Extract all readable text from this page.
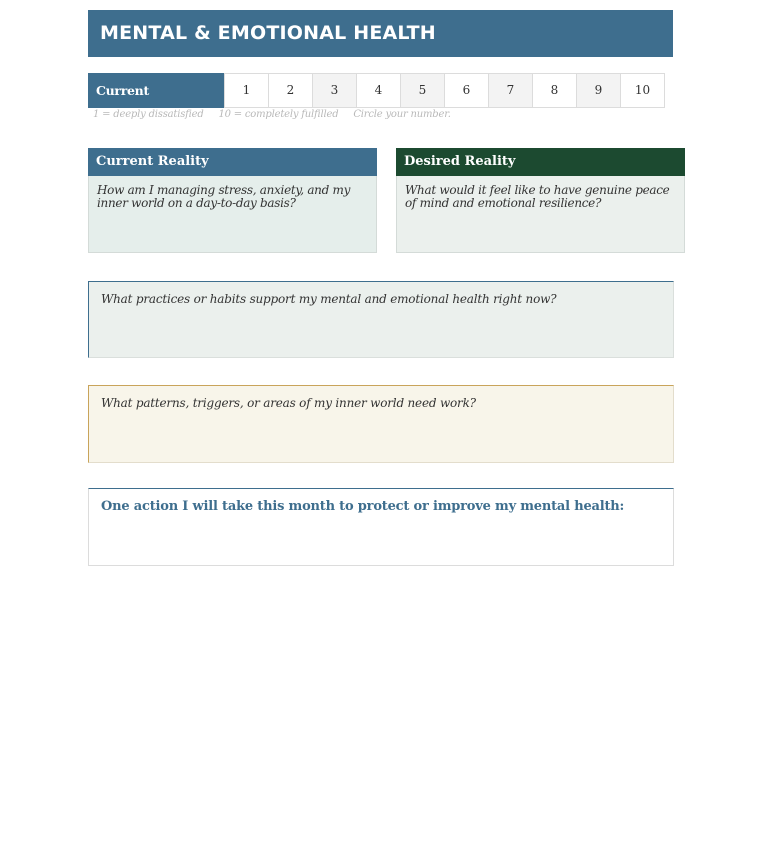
MENTAL & EMOTIONAL HEALTH
Current satisfaction
1	2	3	4	5	6	7	8	9	10
1 = deeply dissatisfied     10 = completely fulfilled     Circle your number.
Current Reality
How am I managing stress, anxiety, and my inner world on a day-to-day basis?
Desired Reality
What would it feel like to have genuine peace of mind and emotional resilience?
What practices or habits support my mental and emotional health right now?
What patterns, triggers, or areas of my inner world need work?
One action I will take this month to protect or improve my mental health:
